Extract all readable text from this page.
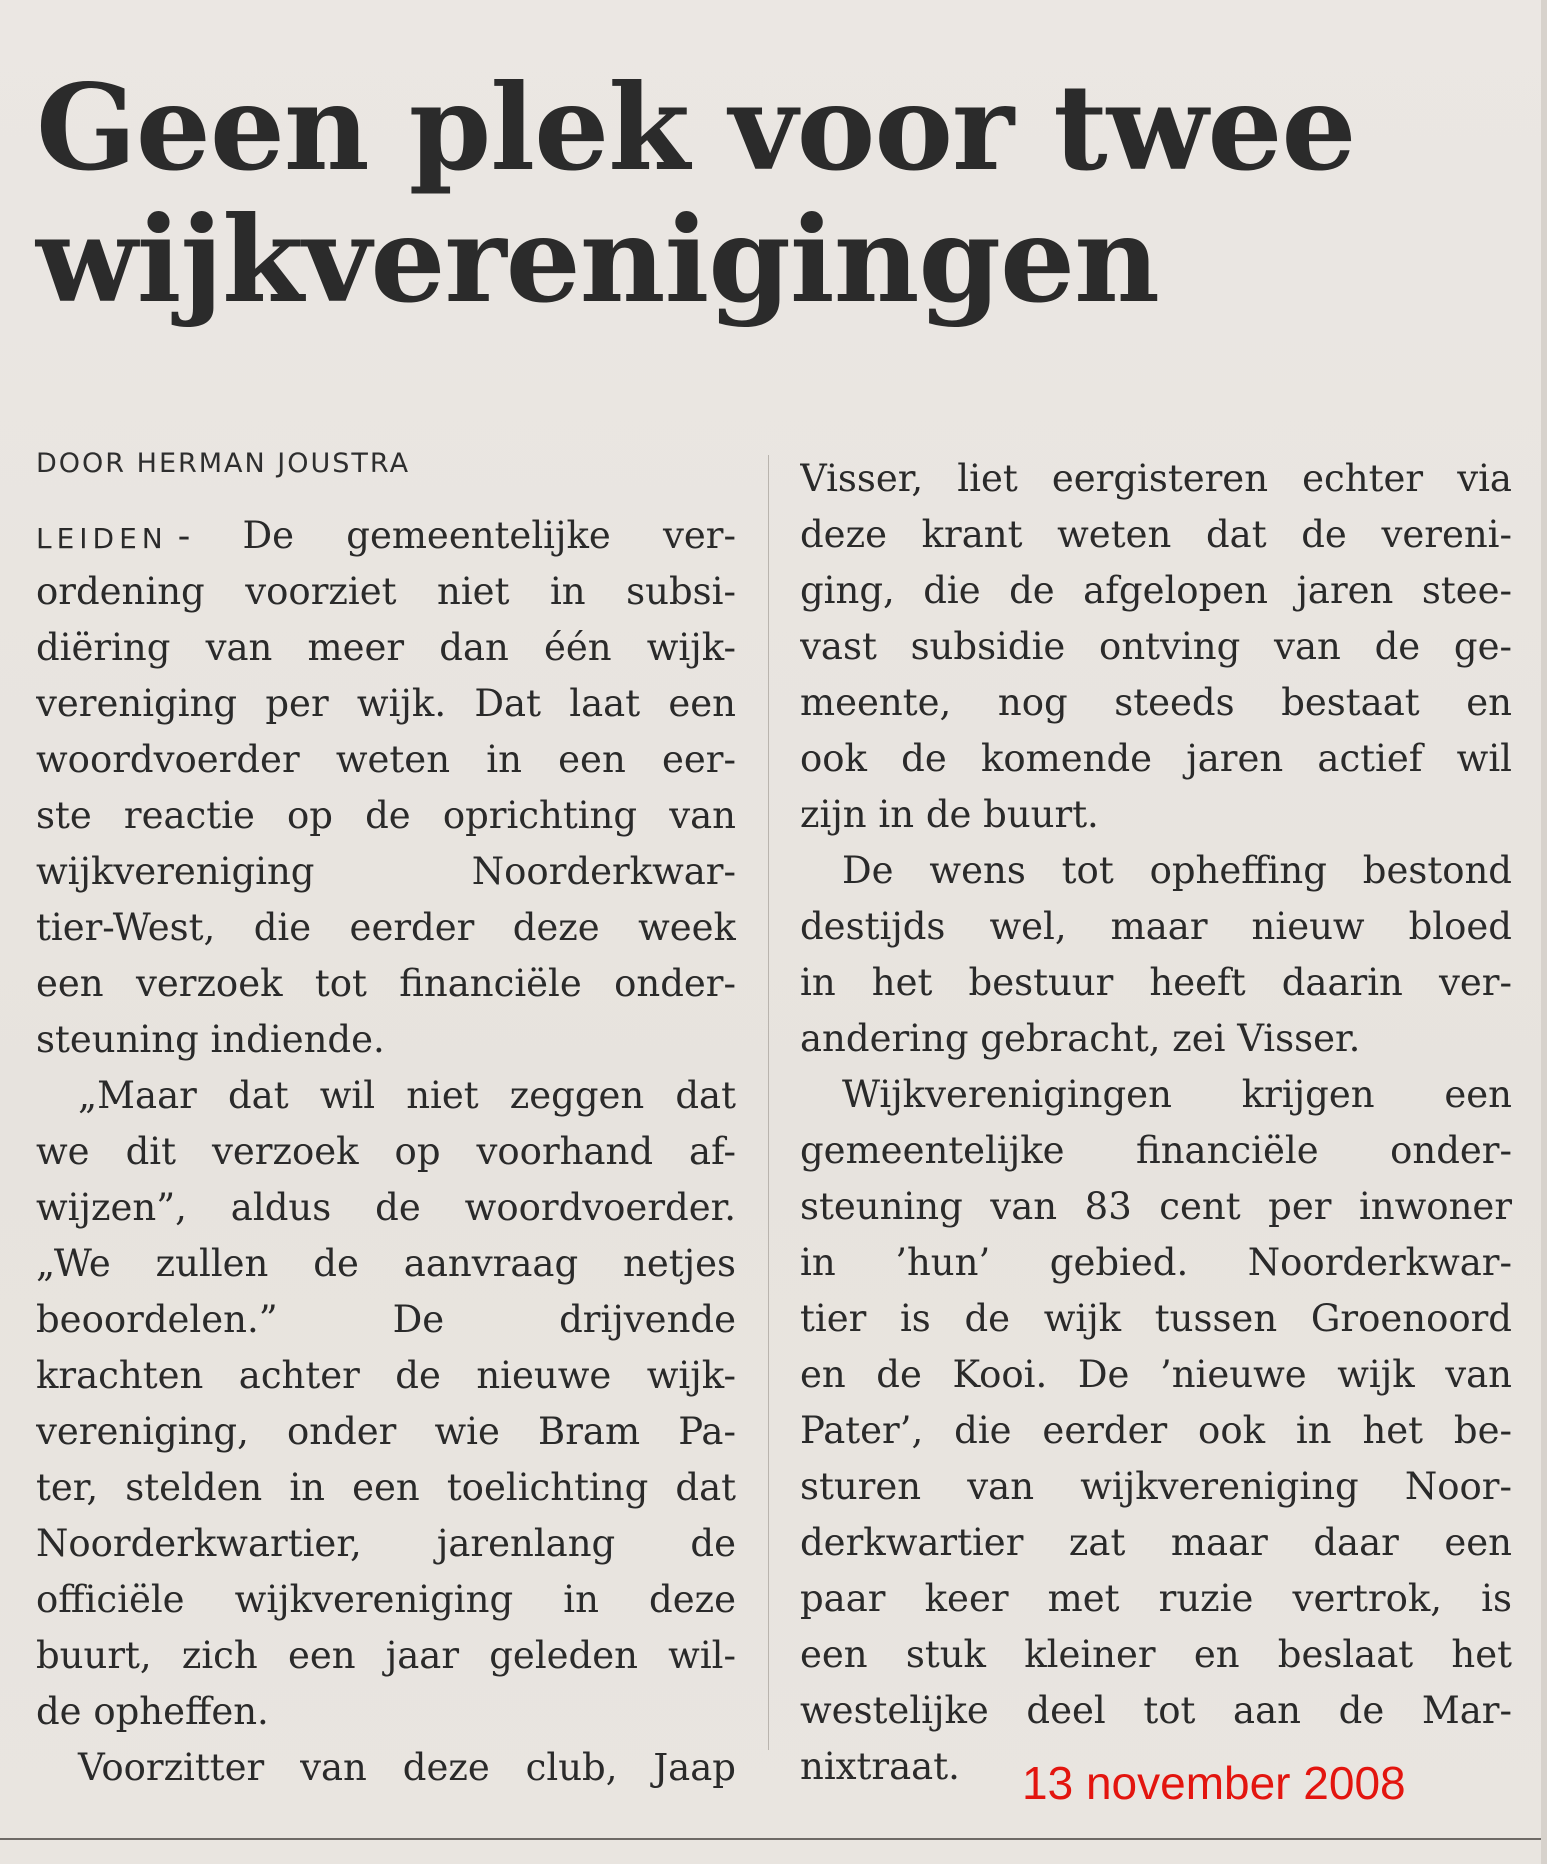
Geen plek voor twee
wijkverenigingen
DOOR HERMAN JOUSTRA
LEIDEN - De gemeentelijke ver-
ordening voorziet niet in subsi-
diëring van meer dan één wijk-
vereniging per wijk. Dat laat een
woordvoerder weten in een eer-
ste reactie op de oprichting van
wijkvereniging Noorderkwar-
tier-West, die eerder deze week
een verzoek tot financiële onder-
steuning indiende.
„Maar dat wil niet zeggen dat
we dit verzoek op voorhand af-
wijzen”, aldus de woordvoerder.
„We zullen de aanvraag netjes
beoordelen.” De drijvende
krachten achter de nieuwe wijk-
vereniging, onder wie Bram Pa-
ter, stelden in een toelichting dat
Noorderkwartier, jarenlang de
officiële wijkvereniging in deze
buurt, zich een jaar geleden wil-
de opheffen.
Voorzitter van deze club, Jaap
Visser, liet eergisteren echter via
deze krant weten dat de vereni-
ging, die de afgelopen jaren stee-
vast subsidie ontving van de ge-
meente, nog steeds bestaat en
ook de komende jaren actief wil
zijn in de buurt.
De wens tot opheffing bestond
destijds wel, maar nieuw bloed
in het bestuur heeft daarin ver-
andering gebracht, zei Visser.
Wijkverenigingen krijgen een
gemeentelijke financiële onder-
steuning van 83 cent per inwoner
in ’hun’ gebied. Noorderkwar-
tier is de wijk tussen Groenoord
en de Kooi. De ’nieuwe wijk van
Pater’, die eerder ook in het be-
sturen van wijkvereniging Noor-
derkwartier zat maar daar een
paar keer met ruzie vertrok, is
een stuk kleiner en beslaat het
westelijke deel tot aan de Mar-
nixtraat.	13 november 2008
